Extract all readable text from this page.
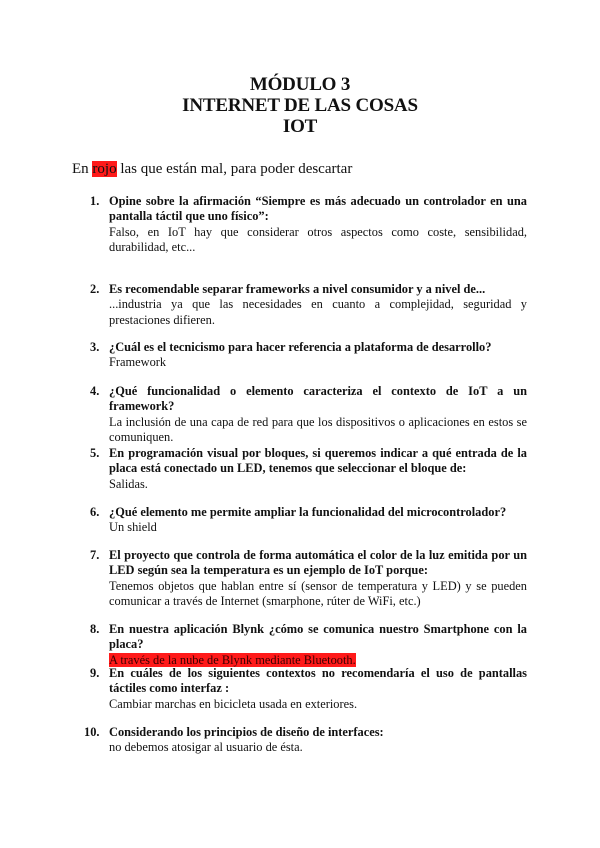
MÓDULO 3
INTERNET DE LAS COSAS
IOT
En rojo las que están mal, para poder descartar
1. Opine sobre la afirmación “Siempre es más adecuado un controlador en una pantalla táctil que uno físico”:
Falso, en IoT hay que considerar otros aspectos como coste, sensibilidad, durabilidad, etc...
2. Es recomendable separar frameworks a nivel consumidor y a nivel de...
...industria ya que las necesidades en cuanto a complejidad, seguridad y prestaciones difieren.
3. ¿Cuál es el tecnicismo para hacer referencia a plataforma de desarrollo?
Framework
4. ¿Qué funcionalidad o elemento caracteriza el contexto de IoT a un framework?
La inclusión de una capa de red para que los dispositivos o aplicaciones en estos se comuniquen.
5. En programación visual por bloques, si queremos indicar a qué entrada de la placa está conectado un LED, tenemos que seleccionar el bloque de:
Salidas.
6. ¿Qué elemento me permite ampliar la funcionalidad del microcontrolador?
Un shield
7. El proyecto que controla de forma automática el color de la luz emitida por un LED según sea la temperatura es un ejemplo de IoT porque:
Tenemos objetos que hablan entre sí (sensor de temperatura y LED) y se pueden comunicar a través de Internet (smarphone, rúter de WiFi, etc.)
8. En nuestra aplicación Blynk ¿cómo se comunica nuestro Smartphone con la placa?
A través de la nube de Blynk mediante Bluetooth.
9. En cuáles de los siguientes contextos no recomendaría el uso de pantallas táctiles como interfaz :
Cambiar marchas en bicicleta usada en exteriores.
10. Considerando los principios de diseño de interfaces:
no debemos atosigar al usuario de ésta.
